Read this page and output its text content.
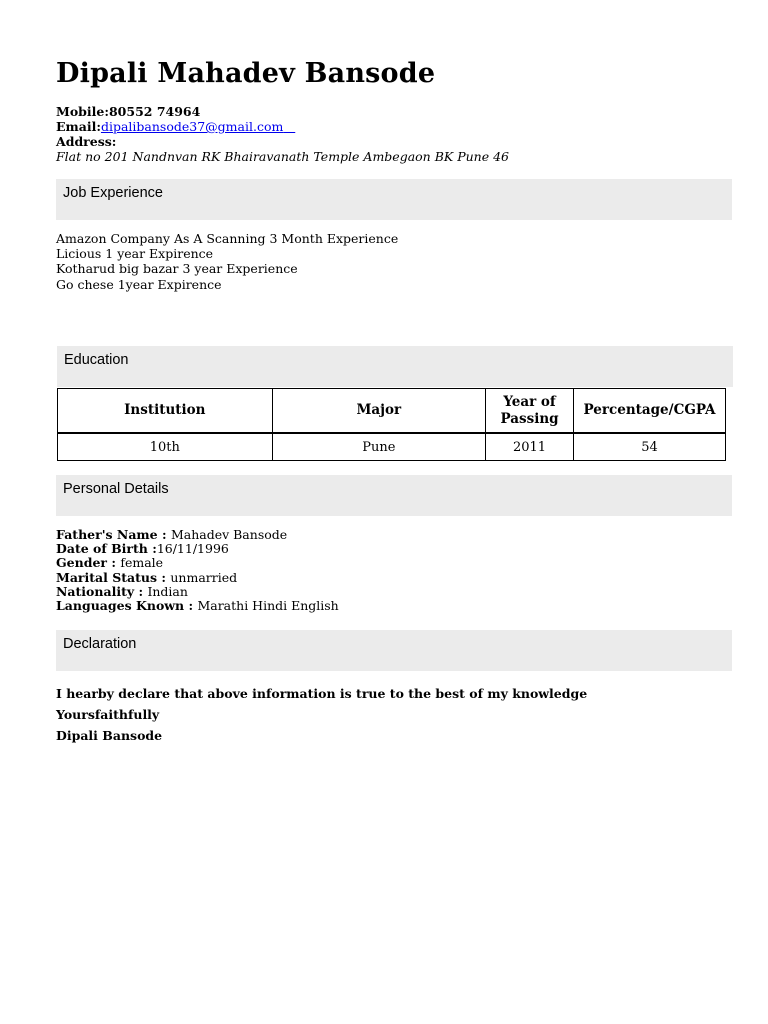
Dipali Mahadev Bansode
Mobile:80552 74964
Email:dipalibansode37@gmail.com
Address:
Flat no 201 Nandnvan RK Bhairavanath Temple Ambegaon BK Pune 46
Job Experience
Amazon Company As A Scanning 3 Month Experience
Licious 1 year Expirence
Kotharud big bazar 3 year Experience
Go chese 1year Expirence
Education
Institution	Major	Year of Passing	Percentage/CGPA
10th	Pune	2011	54
Personal Details
Father's Name : Mahadev Bansode
Date of Birth :16/11/1996
Gender : female
Marital Status : unmarried
Nationality : Indian
Languages Known : Marathi Hindi English
Declaration
I hearby declare that above information is true to the best of my knowledge
Yoursfaithfully
Dipali Bansode
